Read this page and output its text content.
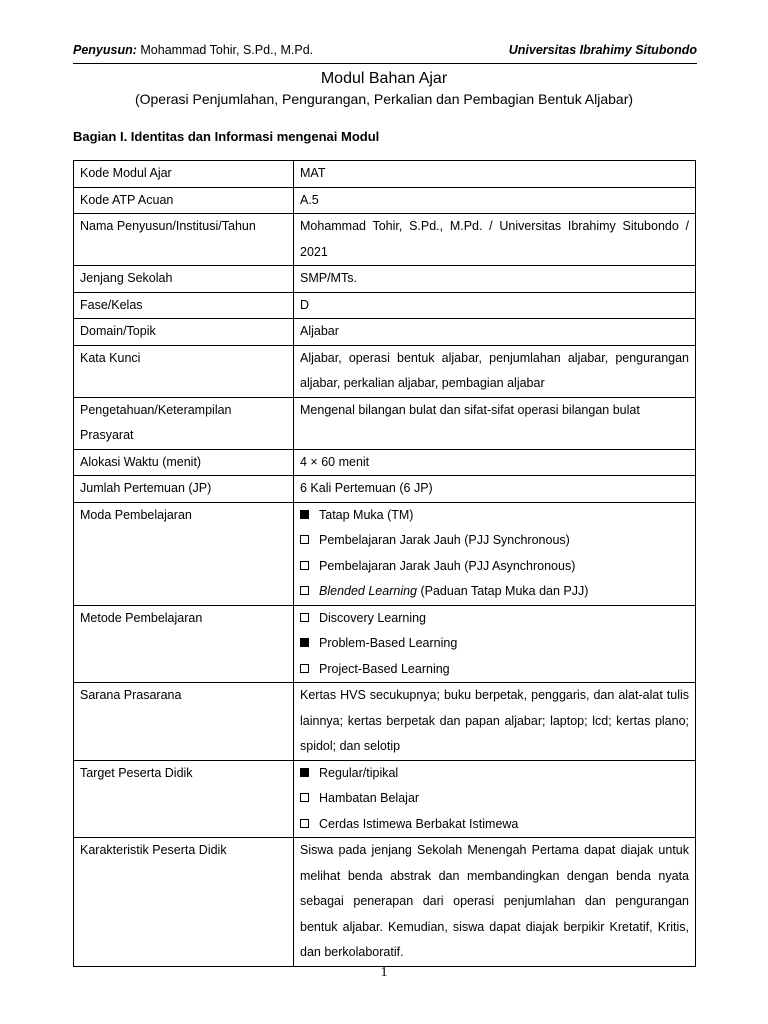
Penyusun: Mohammad Tohir, S.Pd., M.Pd.	Universitas Ibrahimy Situbondo
Modul Bahan Ajar
(Operasi Penjumlahan, Pengurangan, Perkalian dan Pembagian Bentuk Aljabar)
Bagian I. Identitas dan Informasi mengenai Modul
Kode Modul Ajar	MAT
Kode ATP Acuan	A.5
Nama Penyusun/Institusi/Tahun	Mohammad Tohir, S.Pd., M.Pd. / Universitas Ibrahimy Situbondo / 2021
Jenjang Sekolah	SMP/MTs.
Fase/Kelas	D
Domain/Topik	Aljabar
Kata Kunci	Aljabar, operasi bentuk aljabar, penjumlahan aljabar, pengurangan aljabar, perkalian aljabar, pembagian aljabar
Pengetahuan/Keterampilan Prasyarat	Mengenal bilangan bulat dan sifat-sifat operasi bilangan bulat
Alokasi Waktu (menit)	4 × 60 menit
Jumlah Pertemuan (JP)	6 Kali Pertemuan (6 JP)
Moda Pembelajaran	Tatap Muka (TM)
Pembelajaran Jarak Jauh (PJJ Synchronous)
Pembelajaran Jarak Jauh (PJJ Asynchronous)
Blended Learning (Paduan Tatap Muka dan PJJ)

Metode Pembelajaran	Discovery Learning
Problem-Based Learning
Project-Based Learning

Sarana Prasarana	Kertas HVS secukupnya; buku berpetak, penggaris, dan alat-alat tulis lainnya; kertas berpetak dan papan aljabar; laptop; lcd; kertas plano; spidol; dan selotip
Target Peserta Didik	Regular/tipikal
Hambatan Belajar
Cerdas Istimewa Berbakat Istimewa

Karakteristik Peserta Didik	Siswa pada jenjang Sekolah Menengah Pertama dapat diajak untuk melihat benda abstrak dan membandingkan dengan benda nyata sebagai penerapan dari operasi penjumlahan dan pengurangan bentuk aljabar. Kemudian, siswa dapat diajak berpikir Kretatif, Kritis, dan berkolaboratif.
1
